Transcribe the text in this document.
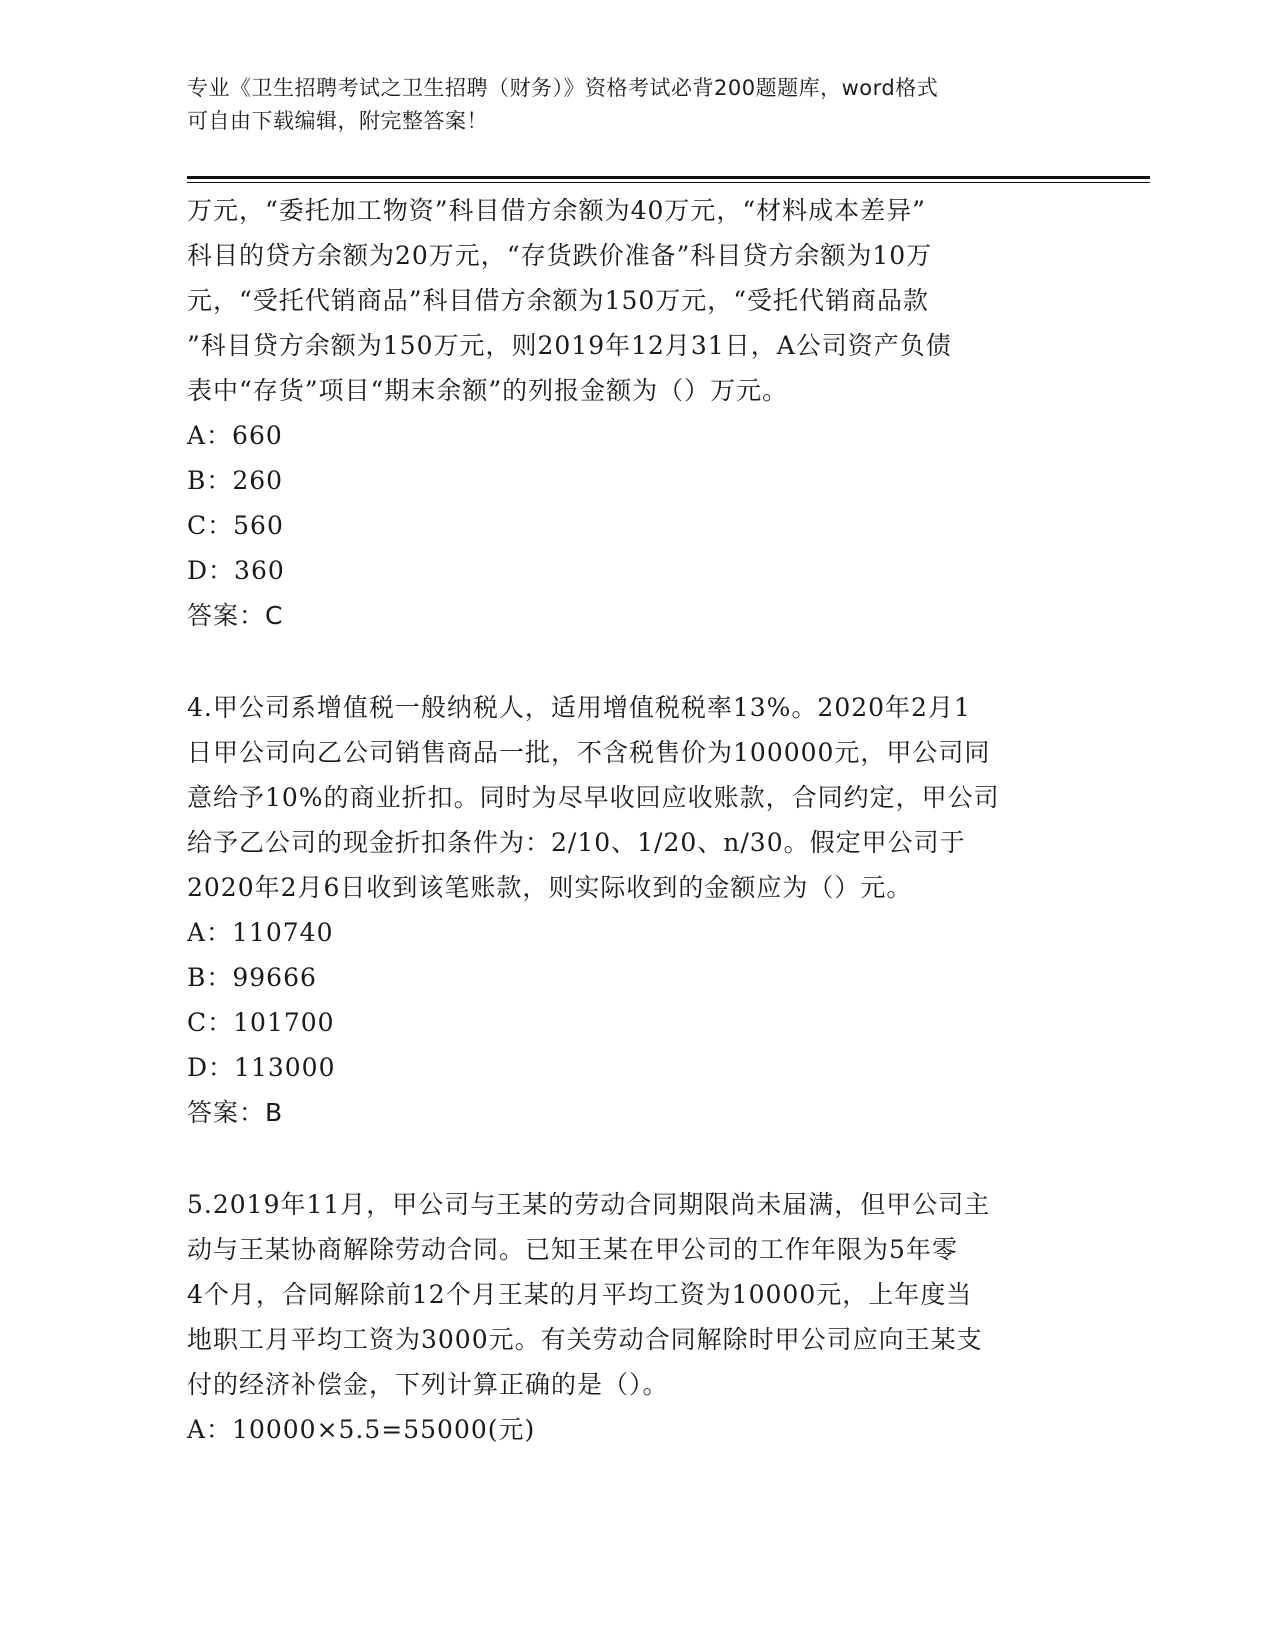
专业《卫生招聘考试之卫生招聘（财务）》资格考试必背200题题库，word格式
可自由下载编辑，附完整答案！

万元，“委托加工物资”科目借方余额为40万元，“材料成本差异”

科目的贷方余额为20万元，“存货跌价准备”科目贷方余额为10万

元，“受托代销商品”科目借方余额为150万元，“受托代销商品款

”科目贷方余额为150万元，则2019年12月31日，A公司资产负债

表中“存货”项目“期末余额”的列报金额为（）万元。

A：660

B：260

C：560

D：360

答案：C

4.甲公司系增值税一般纳税人，适用增值税税率13%。2020年2月1

日甲公司向乙公司销售商品一批，不含税售价为100000元，甲公司同

意给予10%的商业折扣。同时为尽早收回应收账款，合同约定，甲公司

给予乙公司的现金折扣条件为：2/10、1/20、n/30。假定甲公司于

2020年2月6日收到该笔账款，则实际收到的金额应为（）元。

A：110740

B：99666

C：101700

D：113000

答案：B

5.2019年11月，甲公司与王某的劳动合同期限尚未届满，但甲公司主

动与王某协商解除劳动合同。已知王某在甲公司的工作年限为5年零

4个月，合同解除前12个月王某的月平均工资为10000元，上年度当

地职工月平均工资为3000元。有关劳动合同解除时甲公司应向王某支

付的经济补偿金，下列计算正确的是（）。

A：10000×5.5=55000(元)
